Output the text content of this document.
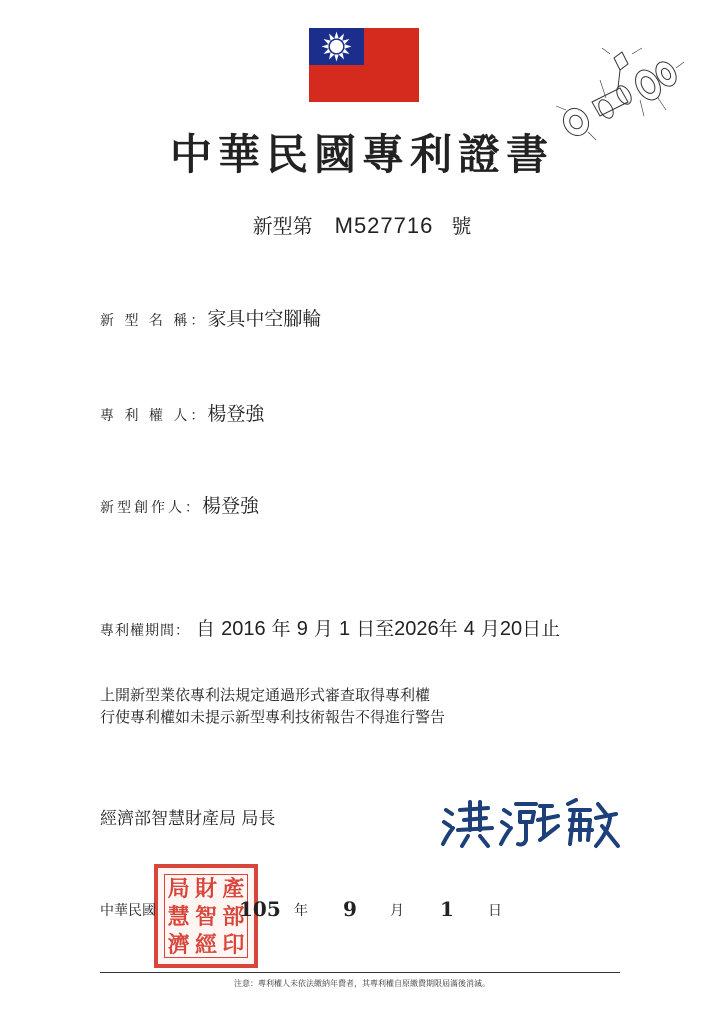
中華民國專利證書
新型第 M527716 號
新 型 名 稱：家具中空腳輪
專 利 權 人：楊登強
新型創作人：楊登強
專利權期間： 自 2016 年 9 月 1 日至2026年 4 月20日止
上開新型業依專利法規定通過形式審查取得專利權
行使專利權如未提示新型專利技術報告不得進行警告
經濟部智慧財產局 局長
局 財 產
慧 智 部
濟 經 印
中華民國	105 年 9 月 1 日
注意：專利權人未依法繳納年費者，其專利權自原繳費期限屆滿後消滅。
